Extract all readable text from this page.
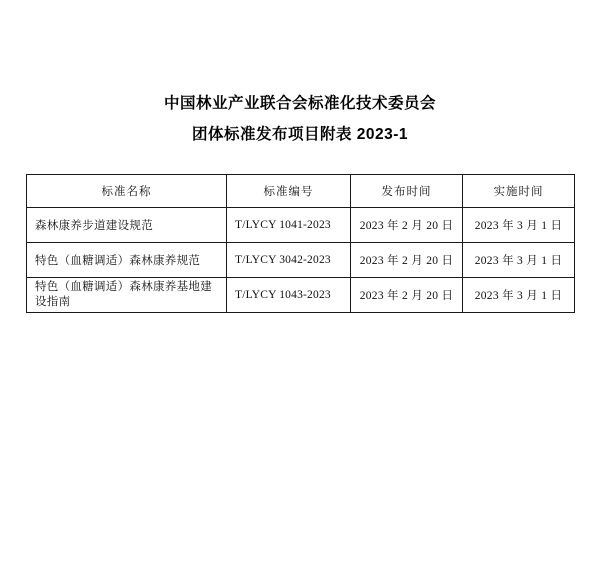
中国林业产业联合会标准化技术委员会
团体标准发布项目附表 2023-1
标准名称	标准编号	发布时间	实施时间
森林康养步道建设规范	T/LYCY 1041-2023	2023 年 2 月 20 日	2023 年 3 月 1 日
特色（血糖调适）森林康养规范	T/LYCY 3042-2023	2023 年 2 月 20 日	2023 年 3 月 1 日
特色（血糖调适）森林康养基地建设指南	T/LYCY 1043-2023	2023 年 2 月 20 日	2023 年 3 月 1 日
